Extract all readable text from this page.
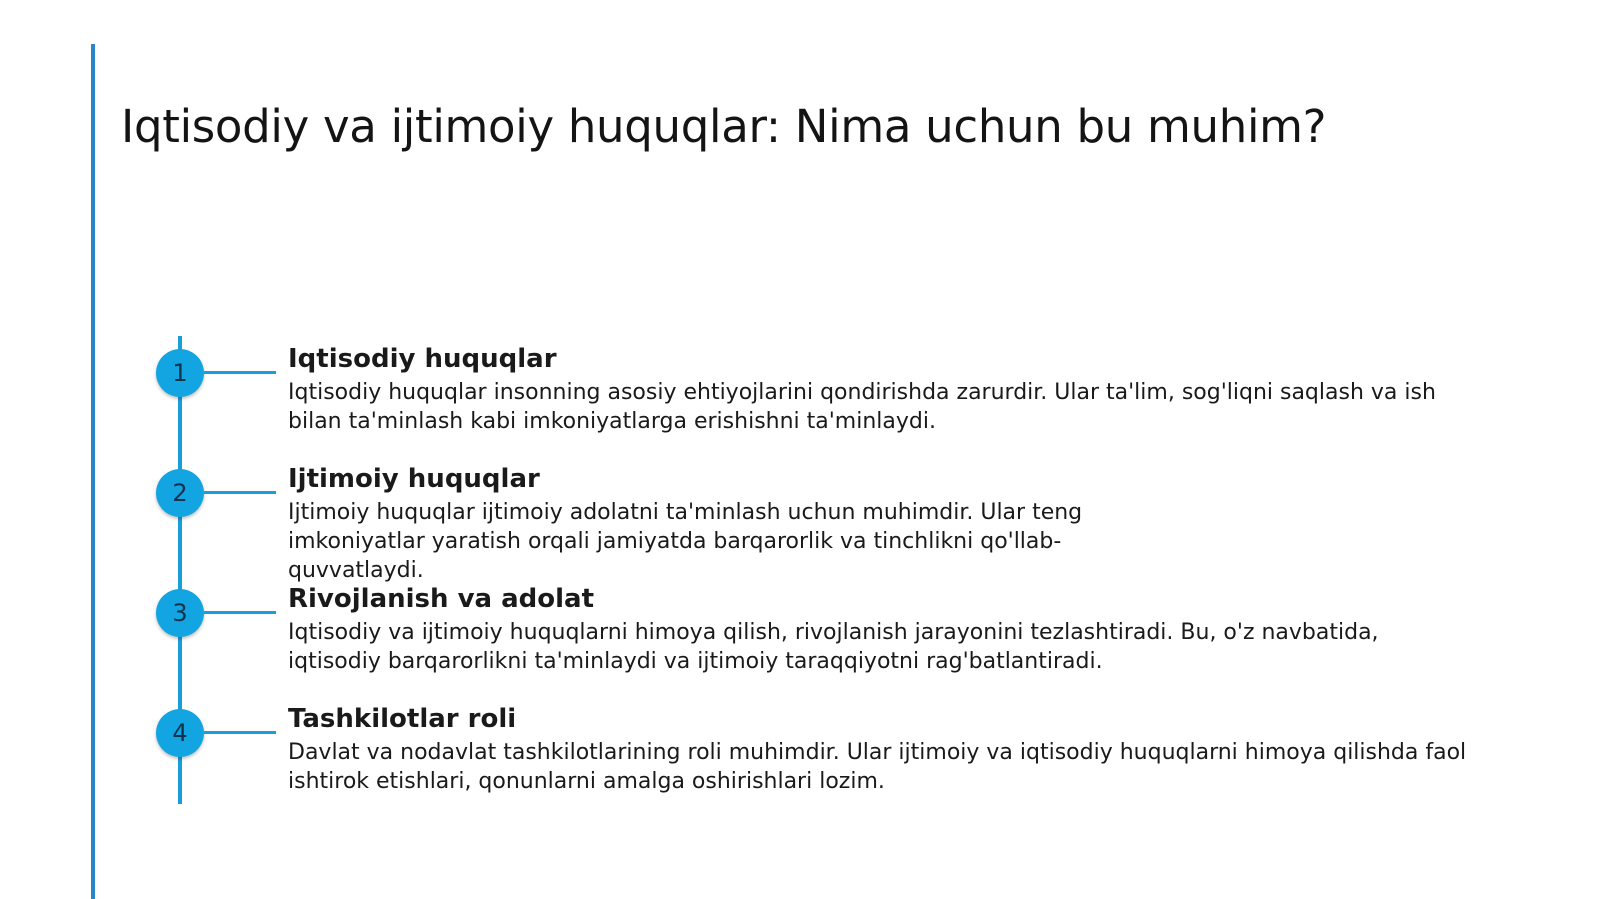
Iqtisodiy va ijtimoiy huquqlar: Nima uchun bu muhim?
1	Iqtisodiy huquqlar

Iqtisodiy huquqlar insonning asosiy ehtiyojlarini qondirishda zarurdir. Ular ta'lim, sog'liqni saqlash va ish bilan ta'minlash kabi imkoniyatlarga erishishni ta'minlaydi.

2	Ijtimoiy huquqlar

Ijtimoiy huquqlar ijtimoiy adolatni ta'minlash uchun muhimdir. Ular teng imkoniyatlar yaratish orqali jamiyatda barqarorlik va tinchlikni qo'llab-quvvatlaydi.

3	Rivojlanish va adolat

Iqtisodiy va ijtimoiy huquqlarni himoya qilish, rivojlanish jarayonini tezlashtiradi. Bu, o'z navbatida, iqtisodiy barqarorlikni ta'minlaydi va ijtimoiy taraqqiyotni rag'batlantiradi.

4	Tashkilotlar roli

Davlat va nodavlat tashkilotlarining roli muhimdir. Ular ijtimoiy va iqtisodiy huquqlarni himoya qilishda faol ishtirok etishlari, qonunlarni amalga oshirishlari lozim.
